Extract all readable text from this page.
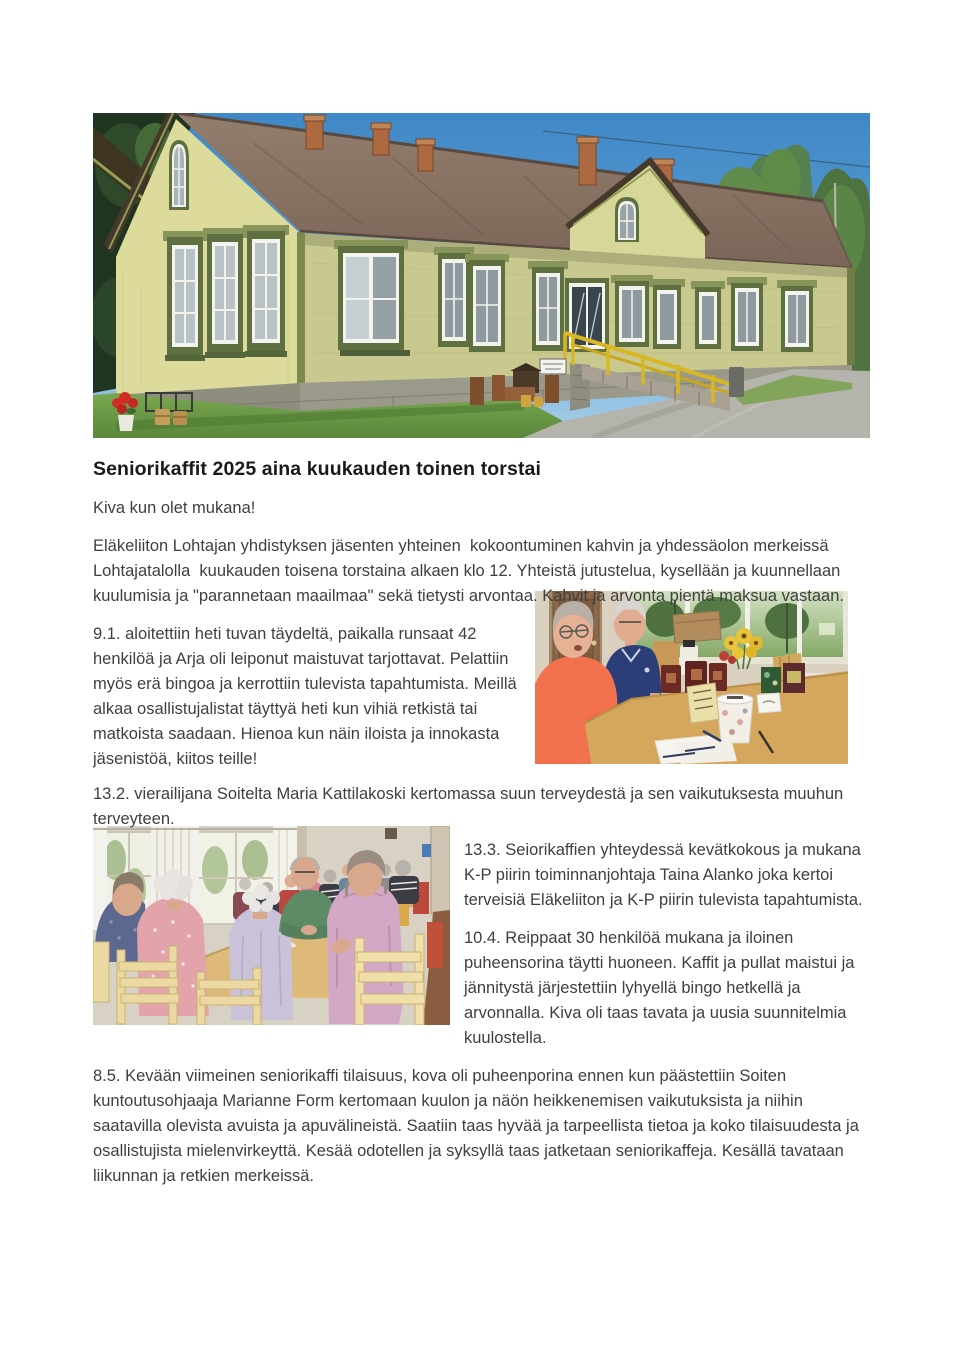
Seniorikaffit 2025 aina kuukauden toinen torstai

Kiva kun olet mukana!

Eläkeliiton Lohtajan yhdistyksen jäsenten yhteinen  kokoontuminen kahvin ja yhdessäolon merkeissä Lohtajatalolla  kuukauden toisena torstaina alkaen klo 12. Yhteistä jutustelua, kysellään ja kuunnellaan kuulumisia ja "parannetaan maailmaa" sekä tietysti arvontaa. Kahvit ja arvonta pientä maksua vastaan.

9.1. aloitettiin heti tuvan täydeltä, paikalla runsaat 42 henkilöä ja Arja oli leiponut maistuvat tarjottavat. Pelattiin myös erä bingoa ja kerrottiin tulevista tapahtumista. Meillä alkaa osallistujalistat täyttyä heti kun vihiä retkistä tai matkoista saadaan. Hienoa kun näin iloista ja innokasta jäsenistöä, kiitos teille!

13.2. vierailijana Soitelta Maria Kattilakoski kertomassa suun terveydestä ja sen vaikutuksesta muuhun terveyteen.

13.3. Seiorikaffien yhteydessä kevätkokous ja mukana K-P piirin toiminnanjohtaja Taina Alanko joka kertoi terveisiä Eläkeliiton ja K-P piirin tulevista tapahtumista.

10.4. Reippaat 30 henkilöä mukana ja iloinen puheensorina täytti huoneen. Kaffit ja pullat maistui ja jännitystä järjestettiin lyhyellä bingo hetkellä ja arvonnalla. Kiva oli taas tavata ja uusia suunnitelmia kuulostella.

8.5. Kevään viimeinen seniorikaffi tilaisuus, kova oli puheenporina ennen kun päästettiin Soiten kuntoutusohjaaja Marianne Form kertomaan kuulon ja näön heikkenemisen vaikutuksista ja niihin saatavilla olevista avuista ja apuvälineistä. Saatiin taas hyvää ja tarpeellista tietoa ja koko tilaisuudesta ja osallistujista mielenvirkeyttä. Kesää odotellen ja syksyllä taas jatketaan seniorikaffeja. Kesällä tavataan liikunnan ja retkien merkeissä.
